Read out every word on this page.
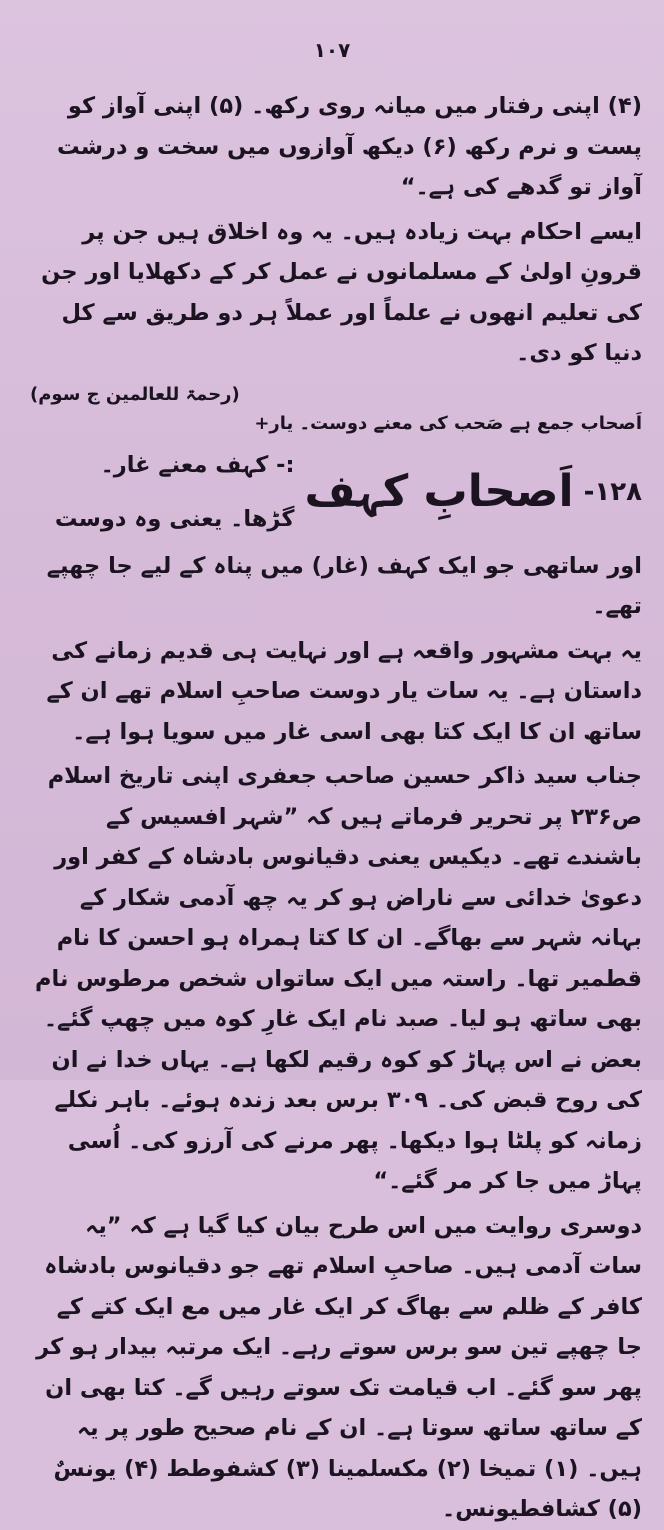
١٠٧

(۴) اپنی رفتار میں میانہ روی رکھ۔ (۵) اپنی آواز کو پست و نرم رکھ (۶) دیکھ آوازوں میں سخت و درشت آواز تو گدھے کی ہے۔“

ایسے احکام بہت زیادہ ہیں۔ یہ وہ اخلاق ہیں جن پر قرونِ اولیٰ کے مسلمانوں نے عمل کر کے دکھلایا اور جن کی تعلیم انھوں نے علماً اور عملاً ہر دو طریق سے کل دنیا کو دی۔

(رحمۃ للعالمین ج سوم)

اَصحاب جمع ہے صَحب کی معنے دوست۔ یار+

۱۲۸-
اَصحابِ کہف
:- کہف معنے غار۔ گڑھا۔ یعنی وہ دوست

اور ساتھی جو ایک کہف (غار) میں پناہ کے لیے جا چھپے تھے۔

یہ بہت مشہور واقعہ ہے اور نہایت ہی قدیم زمانے کی داستان ہے۔ یہ سات یار دوست صاحبِ اسلام تھے ان کے ساتھ ان کا ایک کتا بھی اسی غار میں سویا ہوا ہے۔

جناب سید ذاکر حسین صاحب جعفری اپنی تاریخ اسلام ص۲۳۶ پر تحریر فرماتے ہیں کہ ”شہر افسیس کے باشندے تھے۔ دیکیس یعنی دقیانوس بادشاہ کے کفر اور دعویٰ خدائی سے ناراض ہو کر یہ چھ آدمی شکار کے بہانہ شہر سے بھاگے۔ ان کا کتا ہمراہ ہو احسن کا نام قطمیر تھا۔ راستہ میں ایک ساتواں شخص مرطوس نام بھی ساتھ ہو لیا۔ صبد نام ایک غارِ کوہ میں چھپ گئے۔ بعض نے اس پہاڑ کو کوہ رقیم لکھا ہے۔ یہاں خدا نے ان کی روح قبض کی۔ ۳۰۹ برس بعد زندہ ہوئے۔ باہر نکلے زمانہ کو پلٹا ہوا دیکھا۔ پھر مرنے کی آرزو کی۔ اُسی پہاڑ میں جا کر مر گئے۔“

دوسری روایت میں اس طرح بیان کیا گیا ہے کہ ”یہ سات آدمی ہیں۔ صاحبِ اسلام تھے جو دقیانوس بادشاہ کافر کے ظلم سے بھاگ کر ایک غار میں مع ایک کتے کے جا چھپے تین سو برس سوتے رہے۔ ایک مرتبہ بیدار ہو کر پھر سو گئے۔ اب قیامت تک سوتے رہیں گے۔ کتا بھی ان کے ساتھ ساتھ سوتا ہے۔ ان کے نام صحیح طور پر یہ ہیں۔ (۱) تمیخا (۲) مکسلمینا (۳) کشفوطط (۴) یونسٌ (۵) کشافطیونس۔
